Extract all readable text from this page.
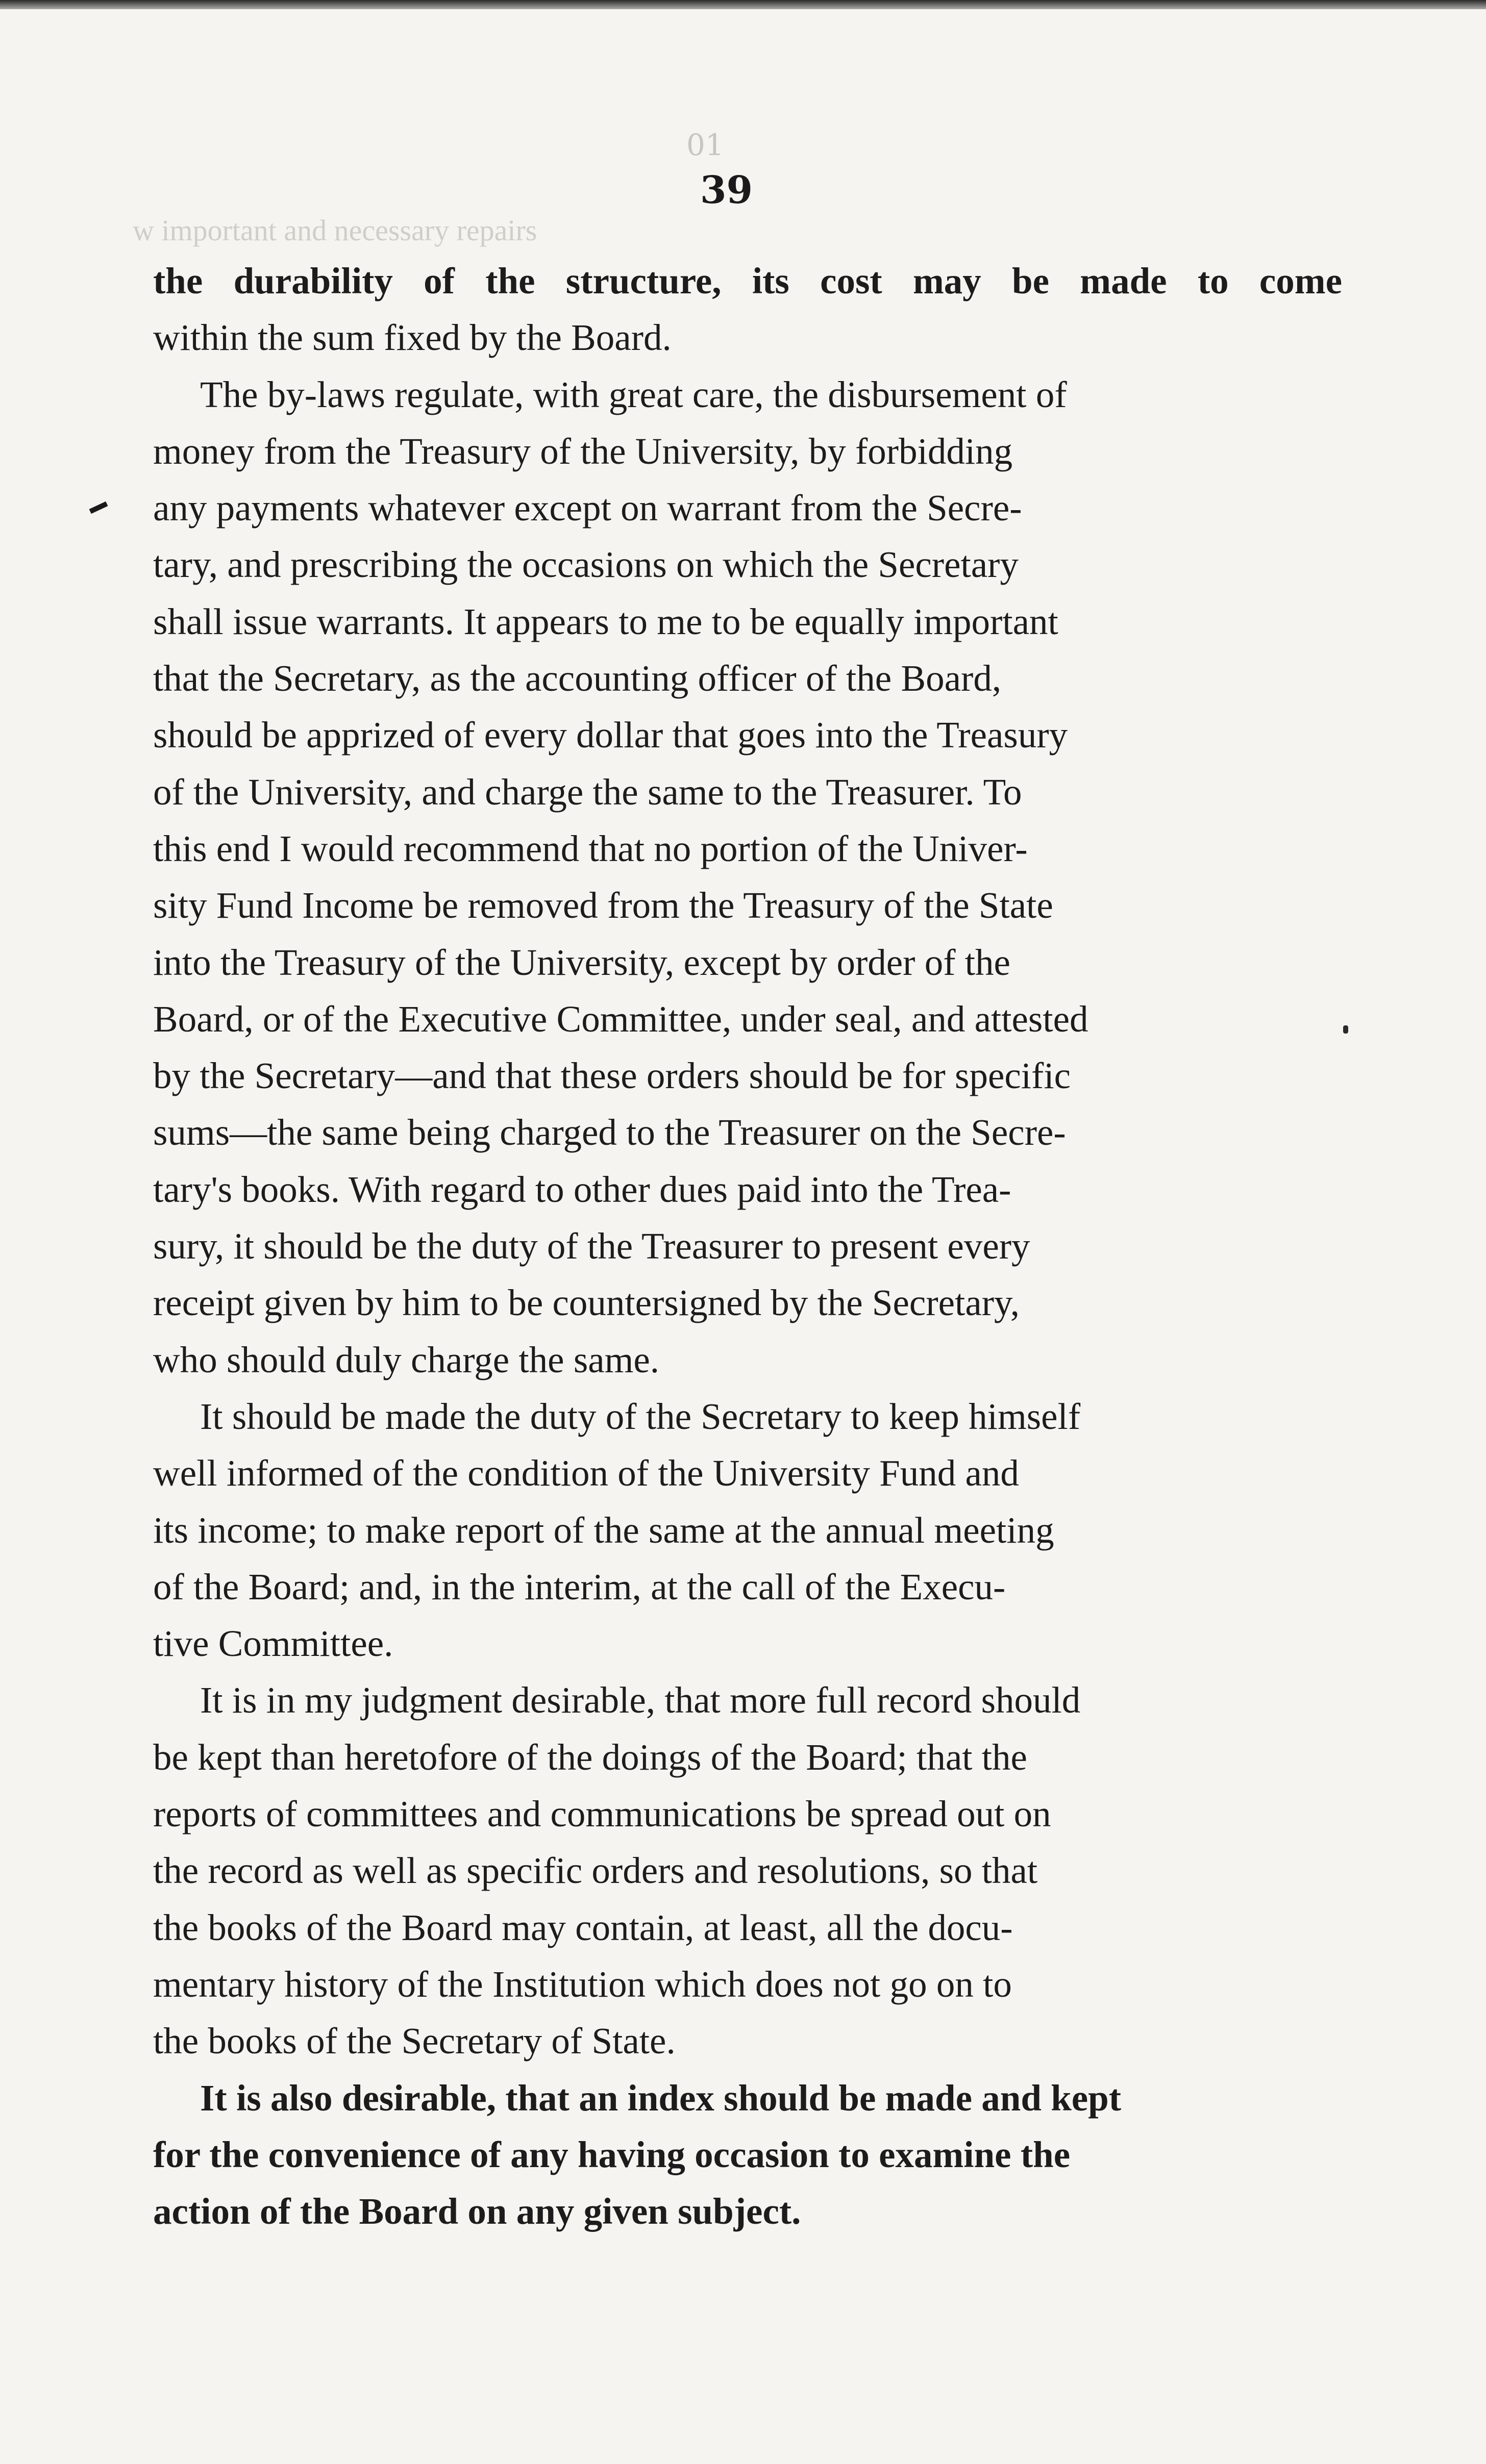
01
39
w important and necessary repairs
the durability of the structure, its cost may be made to come
within the sum fixed by the Board.
The by-laws regulate, with great care, the disbursement of
money from the Treasury of the University, by forbidding
any payments whatever except on warrant from the Secre-
tary, and prescribing the occasions on which the Secretary
shall issue warrants. It appears to me to be equally important
that the Secretary, as the accounting officer of the Board,
should be apprized of every dollar that goes into the Treasury
of the University, and charge the same to the Treasurer. To
this end I would recommend that no portion of the Univer-
sity Fund Income be removed from the Treasury of the State
into the Treasury of the University, except by order of the
Board, or of the Executive Committee, under seal, and attested
by the Secretary—and that these orders should be for specific
sums—the same being charged to the Treasurer on the Secre-
tary's books. With regard to other dues paid into the Trea-
sury, it should be the duty of the Treasurer to present every
receipt given by him to be countersigned by the Secretary,
who should duly charge the same.
It should be made the duty of the Secretary to keep himself
well informed of the condition of the University Fund and
its income; to make report of the same at the annual meeting
of the Board; and, in the interim, at the call of the Execu-
tive Committee.
It is in my judgment desirable, that more full record should
be kept than heretofore of the doings of the Board; that the
reports of committees and communications be spread out on
the record as well as specific orders and resolutions, so that
the books of the Board may contain, at least, all the docu-
mentary history of the Institution which does not go on to
the books of the Secretary of State.
It is also desirable, that an index should be made and kept
for the convenience of any having occasion to examine the
action of the Board on any given subject.
